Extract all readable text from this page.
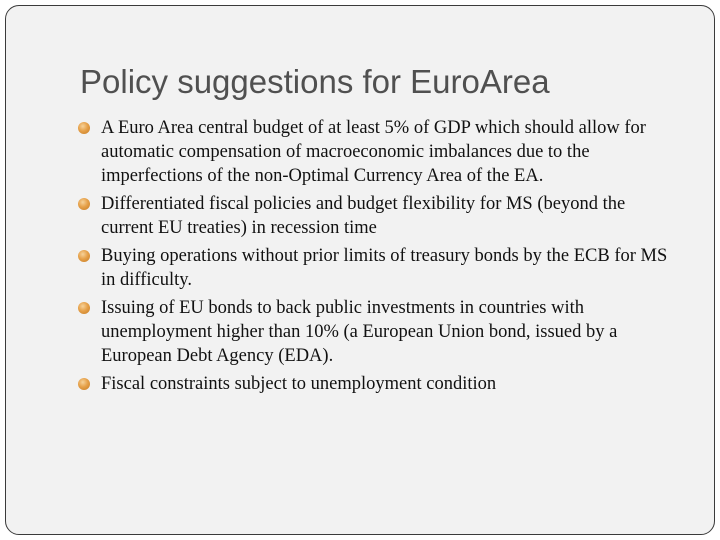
Policy suggestions for EuroArea
A Euro Area central budget of at least 5% of GDP which should allow for automatic compensation of macroeconomic imbalances due to the imperfections of the non-Optimal Currency Area of the EA.
Differentiated fiscal policies and budget flexibility for MS (beyond the current EU treaties) in recession time
Buying operations without prior limits of treasury bonds by the ECB for MS in difficulty.
Issuing of EU bonds to back public investments in countries with unemployment higher than 10% (a European Union bond, issued by a European Debt Agency (EDA).
Fiscal constraints subject to unemployment condition
